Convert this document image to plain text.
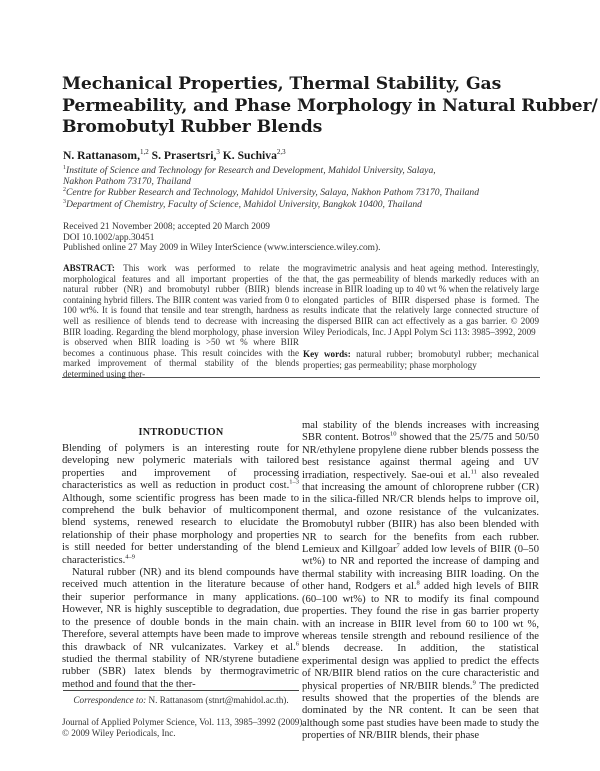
Mechanical Properties, Thermal Stability, Gas
Permeability, and Phase Morphology in Natural Rubber/
Bromobutyl Rubber Blends
N. Rattanasom,$^{1,2}$ S. Prasertsri,$^3$ K. Suchiva$^{2,3}$
$^1$Institute of Science and Technology for Research and Development, Mahidol University, Salaya,
Nakhon Pathom 73170, Thailand
$^2$Centre for Rubber Research and Technology, Mahidol University, Salaya, Nakhon Pathom 73170, Thailand
$^3$Department of Chemistry, Faculty of Science, Mahidol University, Bangkok 10400, Thailand
Received 21 November 2008; accepted 20 March 2009
DOI 10.1002/app.30451
Published online 27 May 2009 in Wiley InterScience (www.interscience.wiley.com).
ABSTRACT: This work was performed to relate the morphological features and all important properties of the natural rubber (NR) and bromobutyl rubber (BIIR) blends containing hybrid fillers. The BIIR content was varied from 0 to 100 wt%. It is found that tensile and tear strength, hardness as well as resilience of blends tend to decrease with increasing BIIR loading. Regarding the blend morphology, phase inversion is observed when BIIR loading is >50 wt % where BIIR becomes a continuous phase. This result coincides with the marked improvement of thermal stability of the blends determined using ther-
mogravimetric analysis and heat ageing method. Interestingly, that, the gas permeability of blends markedly reduces with an increase in BIIR loading up to 40 wt % when the relatively large elongated particles of BIIR dispersed phase is formed. The results indicate that the relatively large connected structure of the dispersed BIIR can act effectively as a gas barrier. © 2009 Wiley Periodicals, Inc. J Appl Polym Sci 113: 3985–3992, 2009
Key words: natural rubber; bromobutyl rubber; mechanical properties; gas permeability; phase morphology
INTRODUCTION

Blending of polymers is an interesting route for developing new polymeric materials with tailored properties and improvement of processing characteristics as well as reduction in product cost.$^{1-3}$ Although, some scientific progress has been made to comprehend the bulk behavior of multicomponent blend systems, renewed research to elucidate the relationship of their phase morphology and properties is still needed for better understanding of the blend characteristics.$^{4-9}$

Natural rubber (NR) and its blend compounds have received much attention in the literature because of their superior performance in many applications. However, NR is highly susceptible to degradation, due to the presence of double bonds in the main chain. Therefore, several attempts have been made to improve this drawback of NR vulcanizates. Varkey et al.$^6$ studied the thermal stability of NR/styrene butadiene rubber (SBR) latex blends by thermogravimetric method and found that the ther-

mal stability of the blends increases with increasing SBR content. Botros$^{10}$ showed that the 25/75 and 50/50 NR/ethylene propylene diene rubber blends possess the best resistance against thermal ageing and UV irradiation, respectively. Sae-oui et al.$^{11}$ also revealed that increasing the amount of chloroprene rubber (CR) in the silica-filled NR/CR blends helps to improve oil, thermal, and ozone resistance of the vulcanizates. Bromobutyl rubber (BIIR) has also been blended with NR to search for the benefits from each rubber. Lemieux and Killgoar$^7$ added low levels of BIIR (0–50 wt%) to NR and reported the increase of damping and thermal stability with increasing BIIR loading. On the other hand, Rodgers et al.$^8$ added high levels of BIIR (60–100 wt%) to NR to modify its final compound properties. They found the rise in gas barrier property with an increase in BIIR level from 60 to 100 wt %, whereas tensile strength and rebound resilience of the blends decrease. In addition, the statistical experimental design was applied to predict the effects of NR/BIIR blend ratios on the cure characteristic and physical properties of NR/BIIR blends.$^9$ The predicted results showed that the properties of the blends are dominated by the NR content. It can be seen that although some past studies have been made to study the properties of NR/BIIR blends, their phase

Correspondence to: N. Rattanasom (stnrt@mahidol.ac.th).
Journal of Applied Polymer Science, Vol. 113, 3985–3992 (2009)
© 2009 Wiley Periodicals, Inc.
